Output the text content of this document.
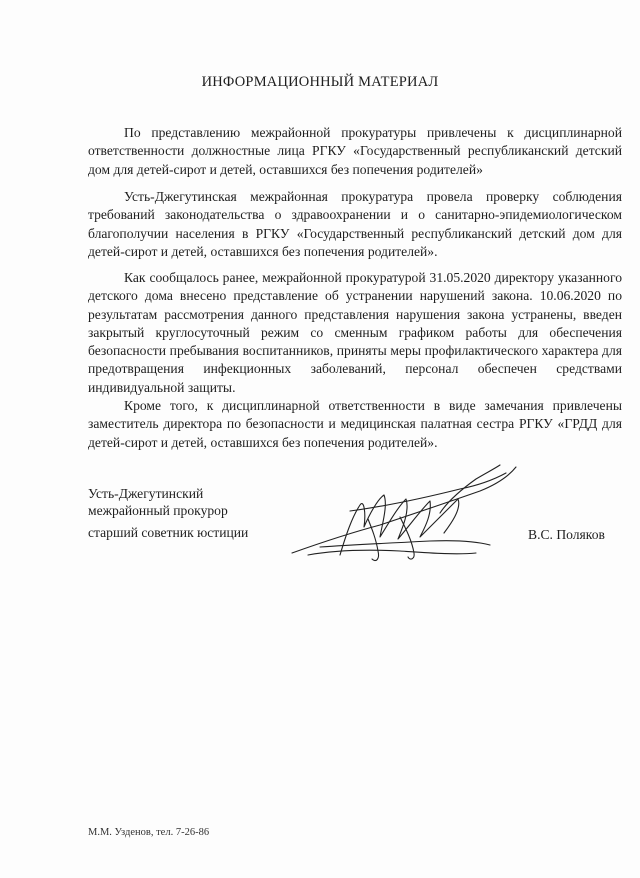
ИНФОРМАЦИОННЫЙ МАТЕРИАЛ

По представлению межрайонной прокуратуры привлечены к дисциплинарной ответственности должностные лица РГКУ «Государственный республиканский детский дом для детей-сирот и детей, оставшихся без попечения родителей»

Усть-Джегутинская межрайонная прокуратура провела проверку соблюдения требований законодательства о здравоохранении и о санитарно-эпидемиологическом благополучии населения в РГКУ «Государственный республиканский детский дом для детей-сирот и детей, оставшихся без попечения родителей».

Как сообщалось ранее, межрайонной прокуратурой 31.05.2020 директору указанного детского дома внесено представление об устранении нарушений закона. 10.06.2020 по результатам рассмотрения данного представления нарушения закона устранены, введен закрытый круглосуточный режим со сменным графиком работы для обеспечения безопасности пребывания воспитанников, приняты меры профилактического характера для предотвращения инфекционных заболеваний, персонал обеспечен средствами индивидуальной защиты.

Кроме того, к дисциплинарной ответственности в виде замечания привлечены заместитель директора по безопасности и медицинская палатная сестра РГКУ «ГРДД для детей-сирот и детей, оставшихся без попечения родителей».

Усть-Джегутинский
межрайонный прокурор
старший советник юстиции	В.С. Поляков
М.М. Узденов, тел. 7-26-86
